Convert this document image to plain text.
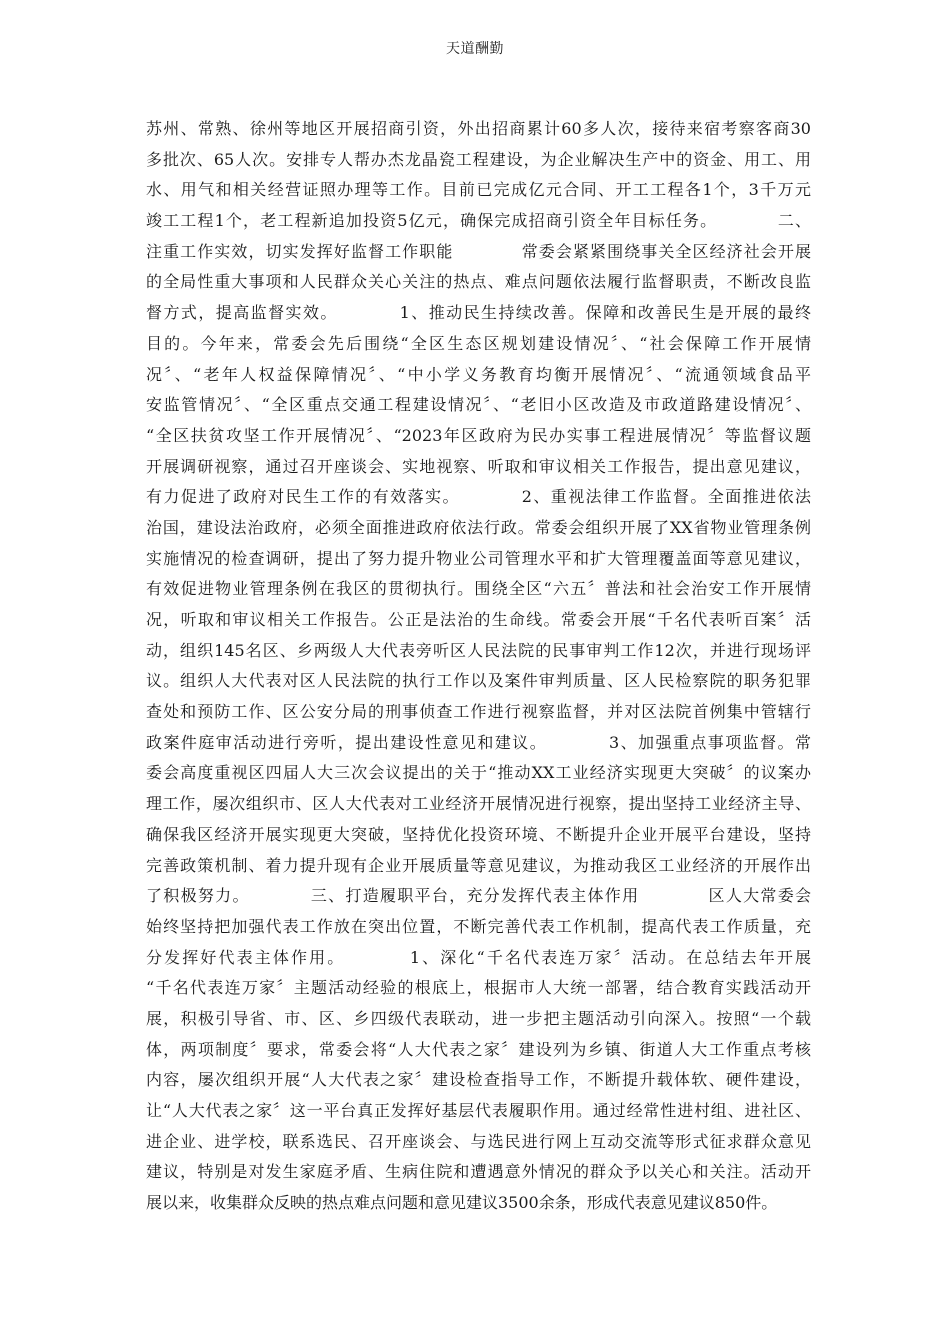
天道酬勤
苏州、常熟、徐州等地区开展招商引资，外出招商累计60多人次，接待来宿考察客商30
多批次、65人次。安排专人帮办杰龙晶瓷工程建设，为企业解决生产中的资金、用工、用
水、用气和相关经营证照办理等工作。目前已完成亿元合同、开工工程各1个，3千万元
竣工工程1个，老工程新追加投资5亿元，确保完成招商引资全年目标任务。　　　　二、
注重工作实效，切实发挥好监督工作职能　　　　常委会紧紧围绕事关全区经济社会开展
的全局性重大事项和人民群众关心关注的热点、难点问题依法履行监督职责，不断改良监
督方式，提高监督实效。　　　　1、推动民生持续改善。保障和改善民生是开展的最终
目的。今年来，常委会先后围绕“全区生态区规划建设情况〞、“社会保障工作开展情
况〞、“老年人权益保障情况〞、“中小学义务教育均衡开展情况〞、“流通领域食品平
安监管情况〞、“全区重点交通工程建设情况〞、“老旧小区改造及市政道路建设情况〞、
“全区扶贫攻坚工作开展情况〞、“2023年区政府为民办实事工程进展情况〞等监督议题
开展调研视察，通过召开座谈会、实地视察、听取和审议相关工作报告，提出意见建议，
有力促进了政府对民生工作的有效落实。　　　　2、重视法律工作监督。全面推进依法
治国，建设法治政府，必须全面推进政府依法行政。常委会组织开展了XX省物业管理条例
实施情况的检查调研，提出了努力提升物业公司管理水平和扩大管理覆盖面等意见建议，
有效促进物业管理条例在我区的贯彻执行。围绕全区“六五〞普法和社会治安工作开展情
况，听取和审议相关工作报告。公正是法治的生命线。常委会开展“千名代表听百案〞活
动，组织145名区、乡两级人大代表旁听区人民法院的民事审判工作12次，并进行现场评
议。组织人大代表对区人民法院的执行工作以及案件审判质量、区人民检察院的职务犯罪
查处和预防工作、区公安分局的刑事侦查工作进行视察监督，并对区法院首例集中管辖行
政案件庭审活动进行旁听，提出建设性意见和建议。　　　　3、加强重点事项监督。常
委会高度重视区四届人大三次会议提出的关于“推动XX工业经济实现更大突破〞的议案办
理工作，屡次组织市、区人大代表对工业经济开展情况进行视察，提出坚持工业经济主导、
确保我区经济开展实现更大突破，坚持优化投资环境、不断提升企业开展平台建设，坚持
完善政策机制、着力提升现有企业开展质量等意见建议，为推动我区工业经济的开展作出
了积极努力。　　　　三、打造履职平台，充分发挥代表主体作用　　　　区人大常委会
始终坚持把加强代表工作放在突出位置，不断完善代表工作机制，提高代表工作质量，充
分发挥好代表主体作用。　　　　1、深化“千名代表连万家〞活动。在总结去年开展
“千名代表连万家〞主题活动经验的根底上，根据市人大统一部署，结合教育实践活动开
展，积极引导省、市、区、乡四级代表联动，进一步把主题活动引向深入。按照“一个载
体，两项制度〞要求，常委会将“人大代表之家〞建设列为乡镇、街道人大工作重点考核
内容，屡次组织开展“人大代表之家〞建设检查指导工作，不断提升载体软、硬件建设，
让“人大代表之家〞这一平台真正发挥好基层代表履职作用。通过经常性进村组、进社区、
进企业、进学校，联系选民、召开座谈会、与选民进行网上互动交流等形式征求群众意见
建议，特别是对发生家庭矛盾、生病住院和遭遇意外情况的群众予以关心和关注。活动开
展以来，收集群众反映的热点难点问题和意见建议3500余条，形成代表意见建议850件。
